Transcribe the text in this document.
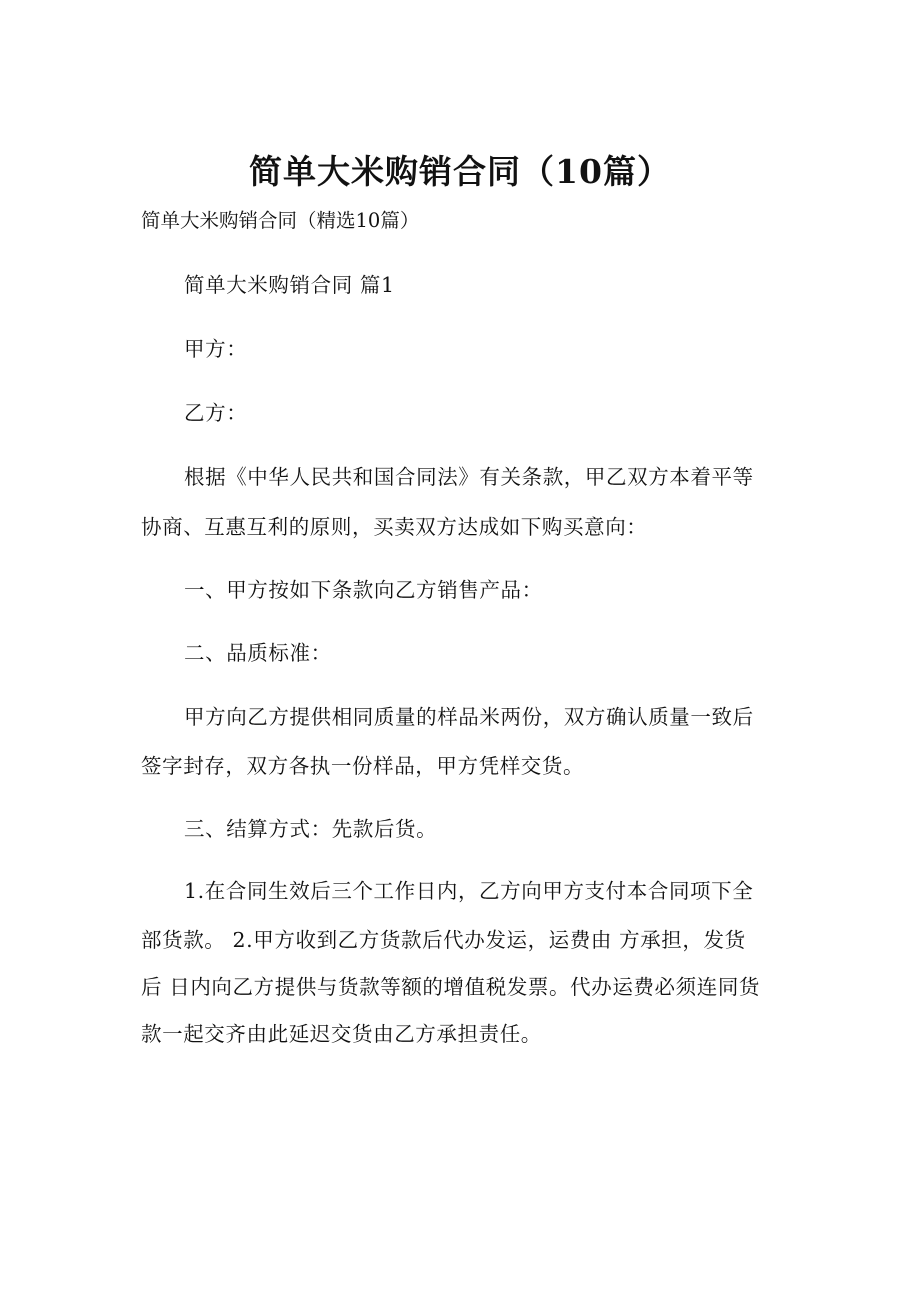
简单大米购销合同（10篇）
简单大米购销合同（精选10篇）
简单大米购销合同 篇1
甲方：
乙方：
根据《中华人民共和国合同法》有关条款，甲乙双方本着平等
协商、互惠互利的原则，买卖双方达成如下购买意向：
一、甲方按如下条款向乙方销售产品：
二、品质标准：
甲方向乙方提供相同质量的样品米两份，双方确认质量一致后
签字封存，双方各执一份样品，甲方凭样交货。
三、结算方式：先款后货。
1.在合同生效后三个工作日内，乙方向甲方支付本合同项下全
部货款。 2.甲方收到乙方货款后代办发运，运费由 方承担，发货
后 日内向乙方提供与货款等额的增值税发票。代办运费必须连同货
款一起交齐由此延迟交货由乙方承担责任。
